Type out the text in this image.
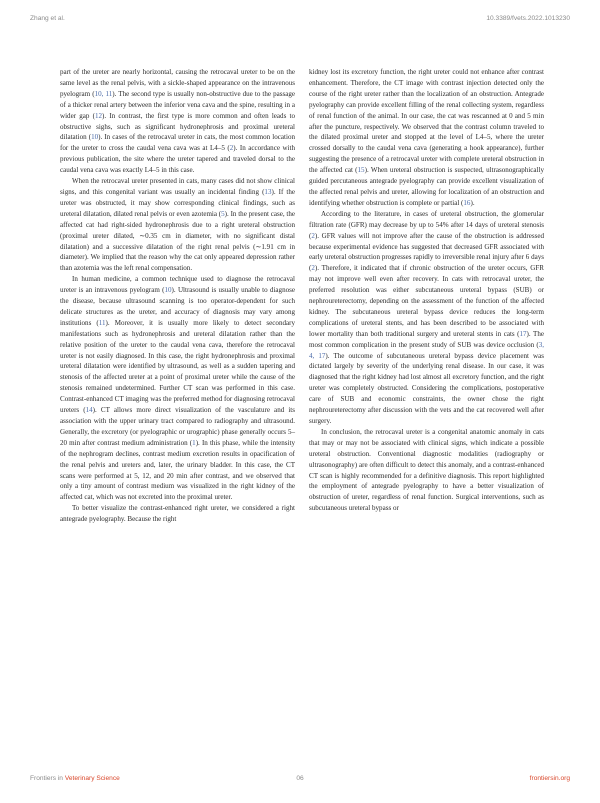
Zhang et al.	10.3389/fvets.2022.1013230

part of the ureter are nearly horizontal, causing the retrocaval ureter to be on the same level as the renal pelvis, with a sickle-shaped appearance on the intravenous pyelogram (10, 11). The second type is usually non-obstructive due to the passage of a thicker renal artery between the inferior vena cava and the spine, resulting in a wider gap (12). In contrast, the first type is more common and often leads to obstructive sighs, such as significant hydronephrosis and proximal ureteral dilatation (10). In cases of the retrocaval ureter in cats, the most common location for the ureter to cross the caudal vena cava was at L4–5 (2). In accordance with previous publication, the site where the ureter tapered and traveled dorsal to the caudal vena cava was exactly L4–5 in this case.

When the retrocaval ureter presented in cats, many cases did not show clinical signs, and this congenital variant was usually an incidental finding (13). If the ureter was obstructed, it may show corresponding clinical findings, such as ureteral dilatation, dilated renal pelvis or even azotemia (5). In the present case, the affected cat had right-sided hydronephrosis due to a right ureteral obstruction (proximal ureter dilated, ∼0.35 cm in diameter, with no significant distal dilatation) and a successive dilatation of the right renal pelvis (∼1.91 cm in diameter). We implied that the reason why the cat only appeared depression rather than azotemia was the left renal compensation.

In human medicine, a common technique used to diagnose the retrocaval ureter is an intravenous pyelogram (10). Ultrasound is usually unable to diagnose the disease, because ultrasound scanning is too operator-dependent for such delicate structures as the ureter, and accuracy of diagnosis may vary among institutions (11). Moreover, it is usually more likely to detect secondary manifestations such as hydronephrosis and ureteral dilatation rather than the relative position of the ureter to the caudal vena cava, therefore the retrocaval ureter is not easily diagnosed. In this case, the right hydronephrosis and proximal ureteral dilatation were identified by ultrasound, as well as a sudden tapering and stenosis of the affected ureter at a point of proximal ureter while the cause of the stenosis remained undetermined. Further CT scan was performed in this case. Contrast-enhanced CT imaging was the preferred method for diagnosing retrocaval ureters (14). CT allows more direct visualization of the vasculature and its association with the upper urinary tract compared to radiography and ultrasound. Generally, the excretory (or pyelographic or urographic) phase generally occurs 5–20 min after contrast medium administration (1). In this phase, while the intensity of the nephrogram declines, contrast medium excretion results in opacification of the renal pelvis and ureters and, later, the urinary bladder. In this case, the CT scans were performed at 5, 12, and 20 min after contrast, and we observed that only a tiny amount of contrast medium was visualized in the right kidney of the affected cat, which was not excreted into the proximal ureter.

To better visualize the contrast-enhanced right ureter, we considered a right antegrade pyelography. Because the right

kidney lost its excretory function, the right ureter could not enhance after contrast enhancement. Therefore, the CT image with contrast injection detected only the course of the right ureter rather than the localization of an obstruction. Antegrade pyelography can provide excellent filling of the renal collecting system, regardless of renal function of the animal. In our case, the cat was rescanned at 0 and 5 min after the puncture, respectively. We observed that the contrast column traveled to the dilated proximal ureter and stopped at the level of L4–5, where the ureter crossed dorsally to the caudal vena cava (generating a hook appearance), further suggesting the presence of a retrocaval ureter with complete ureteral obstruction in the affected cat (15). When ureteral obstruction is suspected, ultrasonographically guided percutaneous antegrade pyelography can provide excellent visualization of the affected renal pelvis and ureter, allowing for localization of an obstruction and identifying whether obstruction is complete or partial (16).

According to the literature, in cases of ureteral obstruction, the glomerular filtration rate (GFR) may decrease by up to 54% after 14 days of ureteral stenosis (2). GFR values will not improve after the cause of the obstruction is addressed because experimental evidence has suggested that decreased GFR associated with early ureteral obstruction progresses rapidly to irreversible renal injury after 6 days (2). Therefore, it indicated that if chronic obstruction of the ureter occurs, GFR may not improve well even after recovery. In cats with retrocaval ureter, the preferred resolution was either subcutaneous ureteral bypass (SUB) or nephroureterectomy, depending on the assessment of the function of the affected kidney. The subcutaneous ureteral bypass device reduces the long-term complications of ureteral stents, and has been described to be associated with lower mortality than both traditional surgery and ureteral stents in cats (17). The most common complication in the present study of SUB was device occlusion (3, 4, 17). The outcome of subcutaneous ureteral bypass device placement was dictated largely by severity of the underlying renal disease. In our case, it was diagnosed that the right kidney had lost almost all excretory function, and the right ureter was completely obstructed. Considering the complications, postoperative care of SUB and economic constraints, the owner chose the right nephroureterectomy after discussion with the vets and the cat recovered well after surgery.

In conclusion, the retrocaval ureter is a congenital anatomic anomaly in cats that may or may not be associated with clinical signs, which indicate a possible ureteral obstruction. Conventional diagnostic modalities (radiography or ultrasonography) are often difficult to detect this anomaly, and a contrast-enhanced CT scan is highly recommended for a definitive diagnosis. This report highlighted the employment of antegrade pyelography to have a better visualization of obstruction of ureter, regardless of renal function. Surgical interventions, such as subcutaneous ureteral bypass or

Frontiers in Veterinary Science	06	frontiersin.org
